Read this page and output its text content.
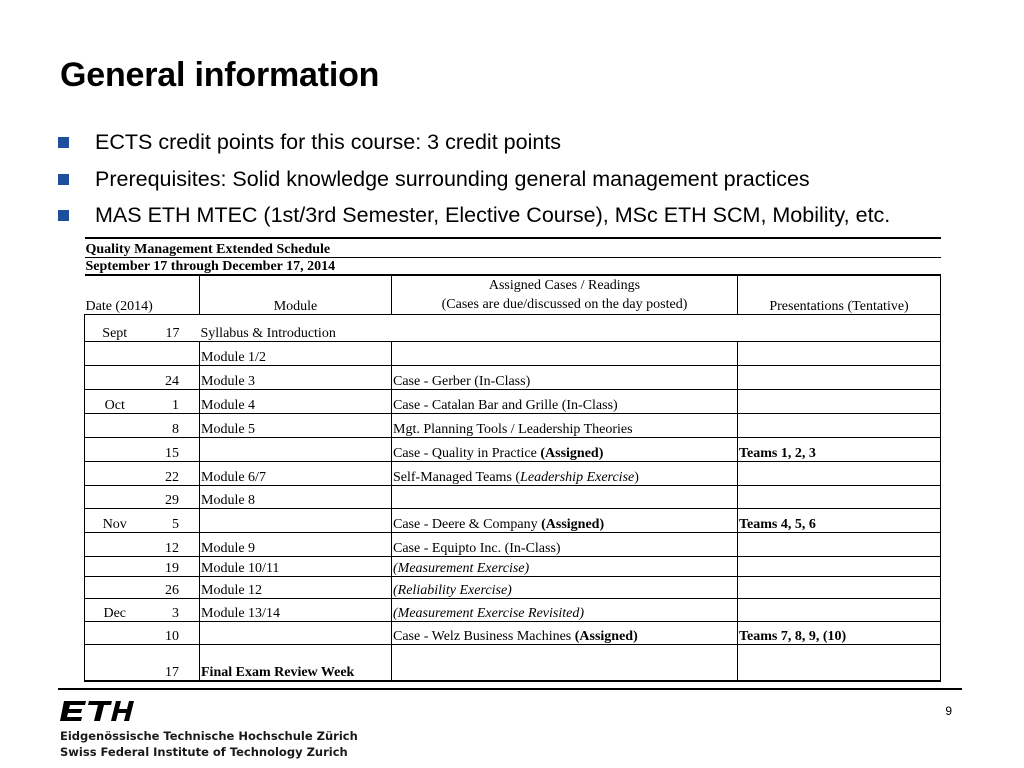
General information
ECTS credit points for this course: 3 credit points
Prerequisites: Solid knowledge surrounding general management practices
MAS ETH MTEC (1st/3rd Semester, Elective Course), MSc ETH SCM, Mobility, etc.
Quality Management Extended Schedule				
September 17 through December 17, 2014				
Date (2014)		Module	Assigned Cases / Readings
(Cases are due/discussed on the day posted)	Presentations (Tentative)
Sept	17	Syllabus & Introduction		
		Module 1/2		
	24	Module 3	Case - Gerber (In-Class)	
Oct	1	Module 4	Case - Catalan Bar and Grille (In-Class)	
	8	Module 5	Mgt. Planning Tools / Leadership Theories	
	15		Case - Quality in Practice (Assigned)	Teams 1, 2, 3
	22	Module 6/7	Self-Managed Teams (Leadership Exercise)	
	29	Module 8		
Nov	5		Case - Deere & Company (Assigned)	Teams 4, 5, 6
	12	Module 9	Case - Equipto Inc. (In-Class)	
	19	Module 10/11	(Measurement Exercise)	
	26	Module 12	(Reliability Exercise)	
Dec	3	Module 13/14	(Measurement Exercise Revisited)	
	10		Case - Welz Business Machines (Assigned)	Teams 7, 8, 9, (10)
	17	Final Exam Review Week		
Eidgenössische Technische Hochschule Zürich
Swiss Federal Institute of Technology Zurich
9
